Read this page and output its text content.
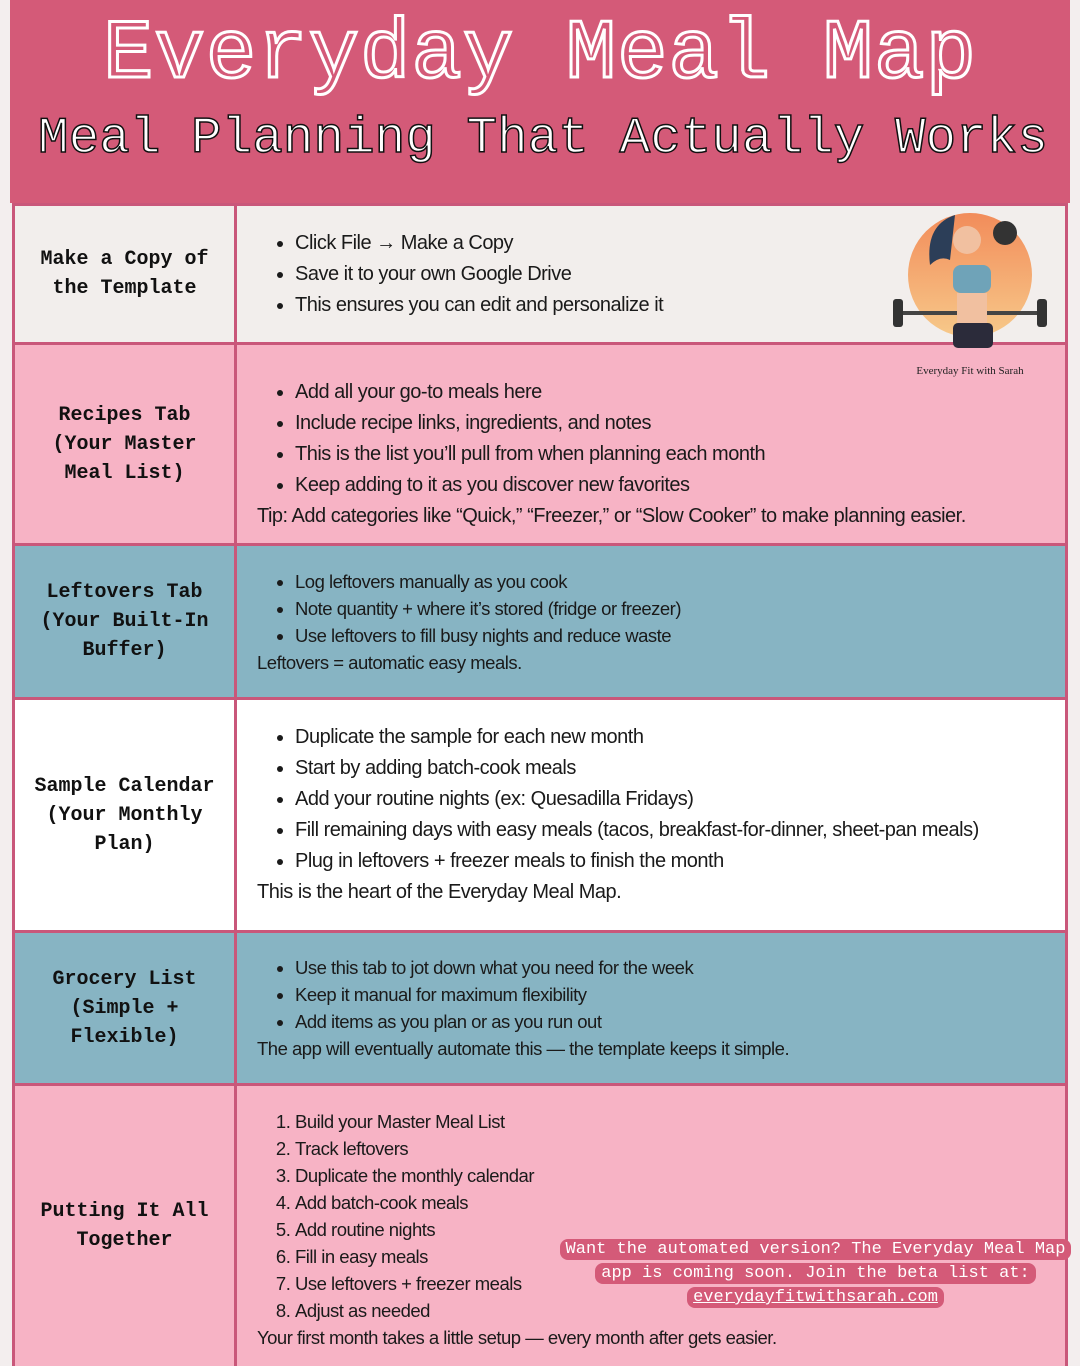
Everyday Meal Map
Meal Planning That Actually Works
Make a Copy of the Template
• Click File → Make a Copy
• Save it to your own Google Drive
• This ensures you can edit and personalize it
Recipes Tab (Your Master Meal List)
• Add all your go-to meals here
• Include recipe links, ingredients, and notes
• This is the list you’ll pull from when planning each month
• Keep adding to it as you discover new favorites

Tip: Add categories like “Quick,” “Freezer,” or “Slow Cooker” to make planning easier.

Leftovers Tab (Your Built-In Buffer)
• Log leftovers manually as you cook
• Note quantity + where it’s stored (fridge or freezer)
• Use leftovers to fill busy nights and reduce waste

Leftovers = automatic easy meals.

Sample Calendar (Your Monthly Plan)
• Duplicate the sample for each new month
• Start by adding batch-cook meals
• Add your routine nights (ex: Quesadilla Fridays)
• Fill remaining days with easy meals (tacos, breakfast-for-dinner, sheet-pan meals)
• Plug in leftovers + freezer meals to finish the month

This is the heart of the Everyday Meal Map.

Grocery List (Simple + Flexible)
• Use this tab to jot down what you need for the week
• Keep it manual for maximum flexibility
• Add items as you plan or as you run out

The app will eventually automate this — the template keeps it simple.

Putting It All Together
1. Build your Master Meal List
2. Track leftovers
3. Duplicate the monthly calendar
4. Add batch-cook meals
5. Add routine nights
6. Fill in easy meals
7. Use leftovers + freezer meals
8. Adjust as needed

Your first month takes a little setup — every month after gets easier.

Everyday Fit with Sarah
Want the automated version? The Everyday Meal Map app is coming soon. Join the beta list at:
everydayfitwithsarah.com
